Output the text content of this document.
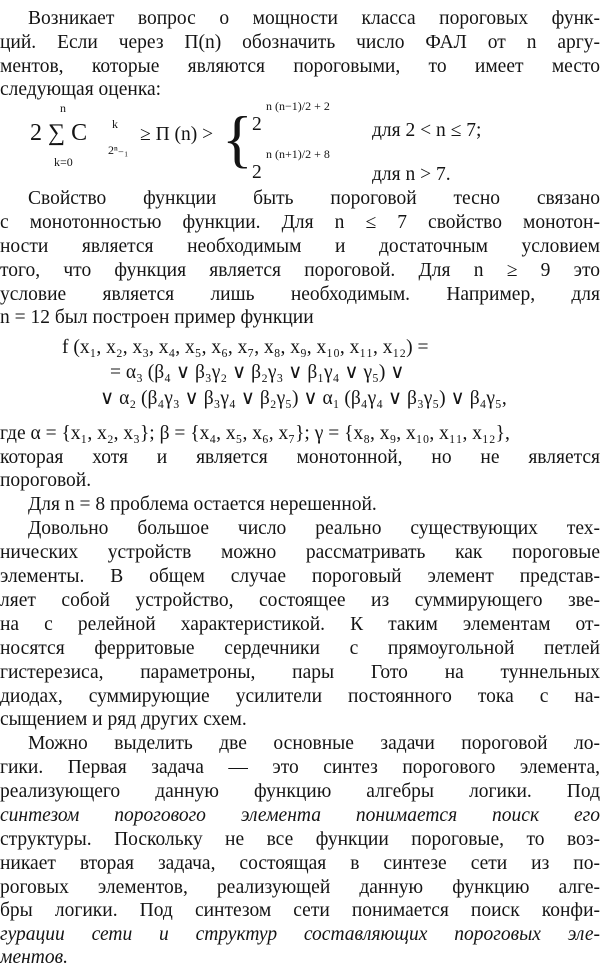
Возникает вопрос о мощности класса пороговых функ-
ций. Если через Π(n) обозначить число ФАЛ от n аргу-
ментов, которые являются пороговыми, то имеет место
следующая оценка:
2 ∑ C
n
k=0
k
2ⁿ₋₁
≥ Π (n) > { 2
n (n−1)/2 + 2
для 2 < n ≤ 7;
2
n (n+1)/2 + 8
для n > 7.
Свойство функции быть пороговой тесно связано
с монотонностью функции. Для n ≤ 7 свойство монотон-
ности является необходимым и достаточным условием
того, что функция является пороговой. Для n ≥ 9 это
условие является лишь необходимым. Например, для
n = 12 был построен пример функции
f (x₁, x₂, x₃, x₄, x₅, x₆, x₇, x₈, x₉, x₁₀, x₁₁, x₁₂) =
= α₃ (β₄ ∨ β₃γ₂ ∨ β₂γ₃ ∨ β₁γ₄ ∨ γ₅) ∨
∨ α₂ (β₄γ₃ ∨ β₃γ₄ ∨ β₂γ₅) ∨ α₁ (β₄γ₄ ∨ β₃γ₅) ∨ β₄γ₅,
где α = {x₁, x₂, x₃}; β = {x₄, x₅, x₆, x₇}; γ = {x₈, x₉, x₁₀, x₁₁, x₁₂},
которая хотя и является монотонной, но не является
пороговой.
Для n = 8 проблема остается нерешенной.
Довольно большое число реально существующих тех-
нических устройств можно рассматривать как пороговые
элементы. В общем случае пороговый элемент представ-
ляет собой устройство, состоящее из суммирующего зве-
на с релейной характеристикой. К таким элементам от-
носятся ферритовые сердечники с прямоугольной петлей
гистерезиса, параметроны, пары Гото на туннельных
диодах, суммирующие усилители постоянного тока с на-
сыщением и ряд других схем.
Можно выделить две основные задачи пороговой ло-
гики. Первая задача — это синтез порогового элемента,
реализующего данную функцию алгебры логики. Под
синтезом порогового элемента понимается поиск его
структуры. Поскольку не все функции пороговые, то воз-
никает вторая задача, состоящая в синтезе сети из по-
роговых элементов, реализующей данную функцию алге-
бры логики. Под синтезом сети понимается поиск конфи-
гурации сети и структур составляющих пороговых эле-
ментов.
